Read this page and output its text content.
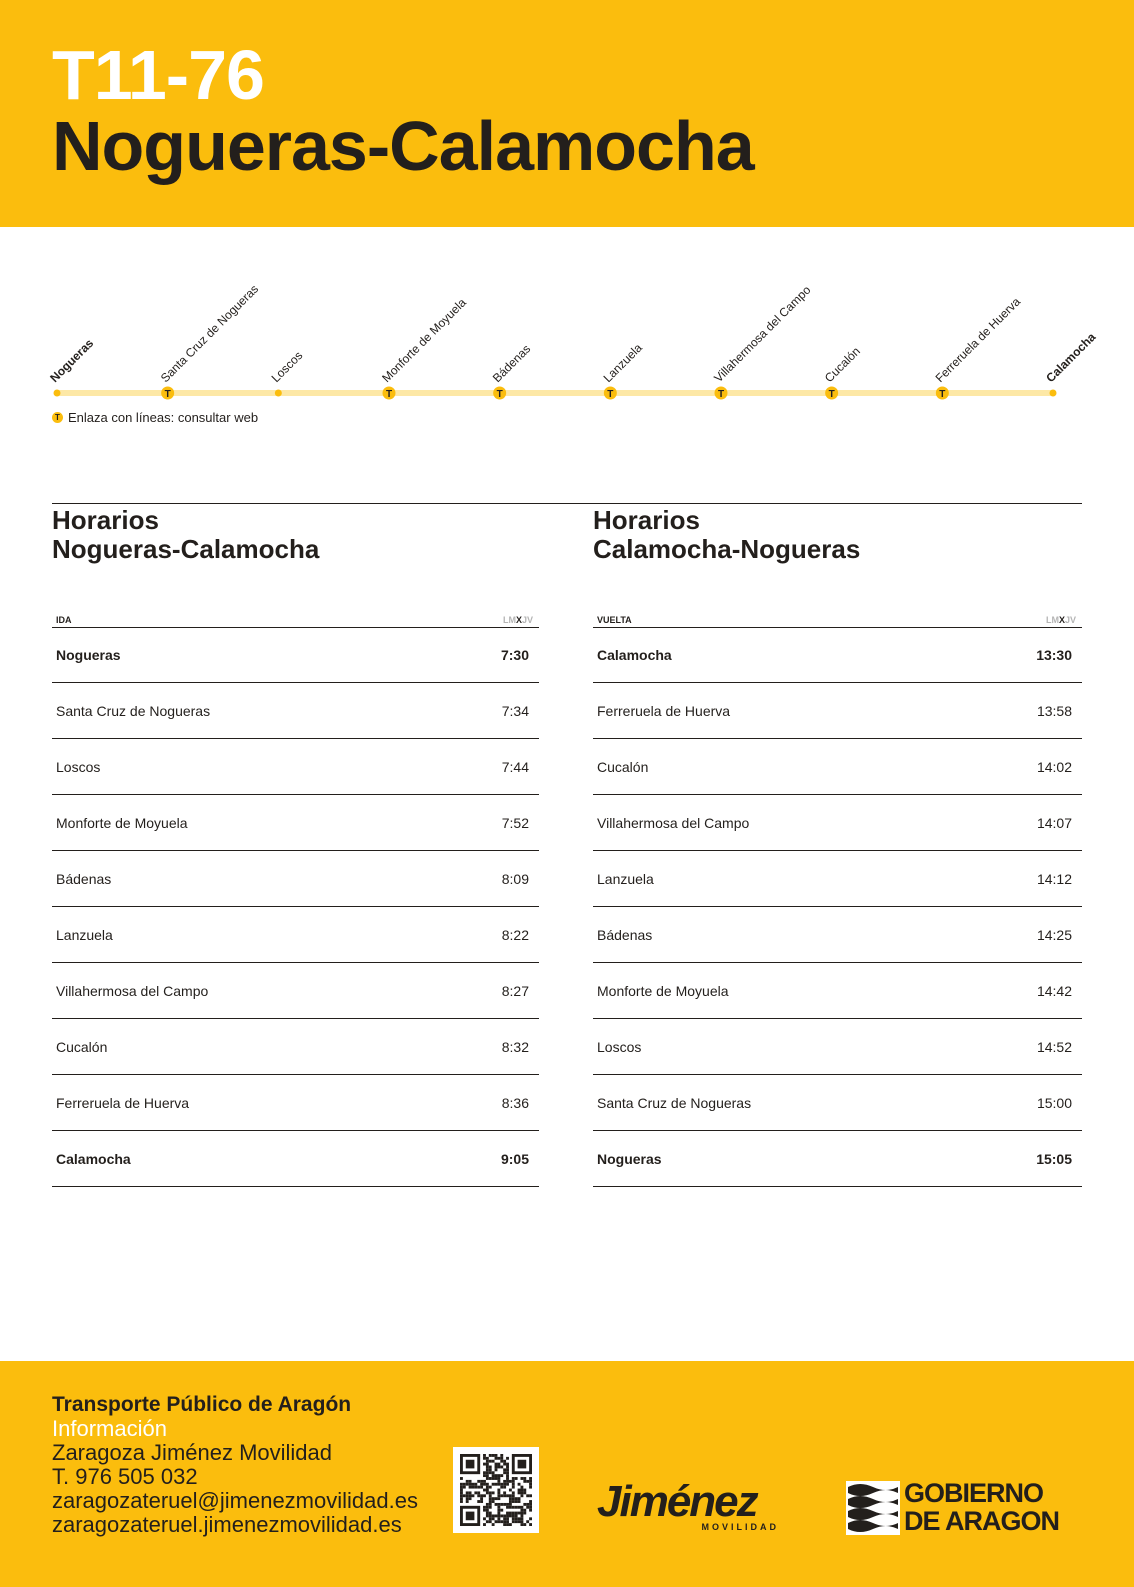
T11-76
Nogueras-Calamocha
Nogueras
T
Santa Cruz de Nogueras Loscos
T
Monforte de Moyuela
T
Bádenas
T
Lanzuela
T
Villahermosa del Campo
T
Cucalón
T
Ferreruela de Huerva Calamocha
T Enlaza con líneas: consultar web
Horarios
Nogueras-Calamocha
IDA	LMXJV
Nogueras	7:30
Santa Cruz de Nogueras	7:34
Loscos	7:44
Monforte de Moyuela	7:52
Bádenas	8:09
Lanzuela	8:22
Villahermosa del Campo	8:27
Cucalón	8:32
Ferreruela de Huerva	8:36
Calamocha	9:05
Horarios
Calamocha-Nogueras
VUELTA	LMXJV
Calamocha	13:30
Ferreruela de Huerva	13:58
Cucalón	14:02
Villahermosa del Campo	14:07
Lanzuela	14:12
Bádenas	14:25
Monforte de Moyuela	14:42
Loscos	14:52
Santa Cruz de Nogueras	15:00
Nogueras	15:05
Transporte Público de Aragón
Información
Zaragoza Jiménez Movilidad
T. 976 505 032
zaragozateruel@jimenezmovilidad.es
zaragozateruel.jimenezmovilidad.es	Jiménez
MOVILIDAD
GOBIERNO
DE ARAGON
